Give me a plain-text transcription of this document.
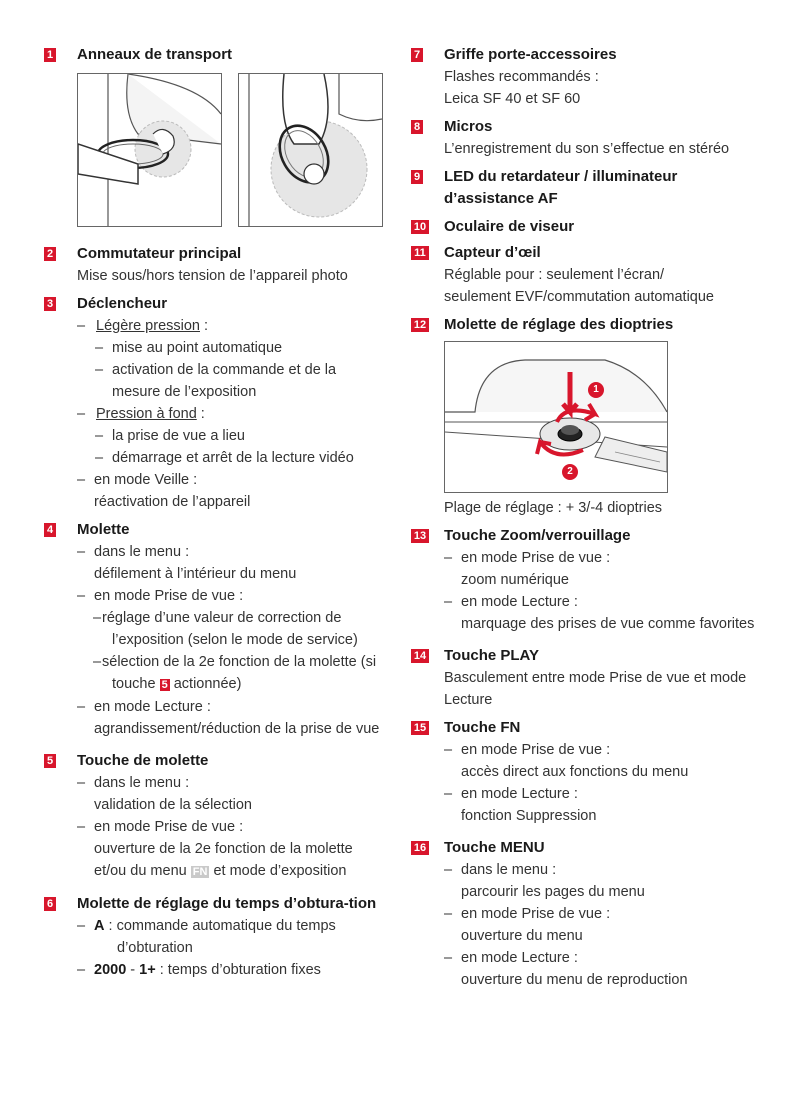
1 Anneaux de transport
2 Commutateur principal
Mise sous/hors tension de l’appareil photo
3 Déclencheur
– Légère pression :
– mise au point automatique
– activation de la commande et de la mesure de l’exposition
– Pression à fond :
– la prise de vue a lieu
– démarrage et arrêt de la lecture vidéo
– en mode Veille :
réactivation de l’appareil
4 Molette
– dans le menu :
défilement à l’intérieur du menu
– en mode Prise de vue :
– réglage d’une valeur de correction de l’exposition (selon le mode de service)
– sélection de la 2e fonction de la molette (si touche 5 actionnée)
– en mode Lecture :
agrandissement/réduction de la prise de vue
5 Touche de molette
– dans le menu :
validation de la sélection
– en mode Prise de vue :
ouverture de la 2e fonction de la molette et/ou du menu FN et mode d’exposition
6 Molette de réglage du temps d’obtura-tion
– A : commande automatique du temps d’obturation
– 2000 - 1+ : temps d’obturation fixes
7 Griffe porte-accessoires
Flashes recommandés :
Leica SF 40 et SF 60
8 Micros
L’enregistrement du son s’effectue en stéréo
9 LED du retardateur / illuminateur d’assistance AF
10 Oculaire de viseur
11 Capteur d’œil
Réglable pour : seulement l’écran/
seulement EVF/commutation automatique
12 Molette de réglage des dioptries
1
2
Plage de réglage : + 3/-4 dioptries
13 Touche Zoom/verrouillage
– en mode Prise de vue :
zoom numérique
– en mode Lecture :
marquage des prises de vue comme favorites
14 Touche PLAY
Basculement entre mode Prise de vue et mode Lecture
15 Touche FN
– en mode Prise de vue :
accès direct aux fonctions du menu
– en mode Lecture :
fonction Suppression
16 Touche MENU
– dans le menu :
parcourir les pages du menu
– en mode Prise de vue :
ouverture du menu
– en mode Lecture :
ouverture du menu de reproduction
